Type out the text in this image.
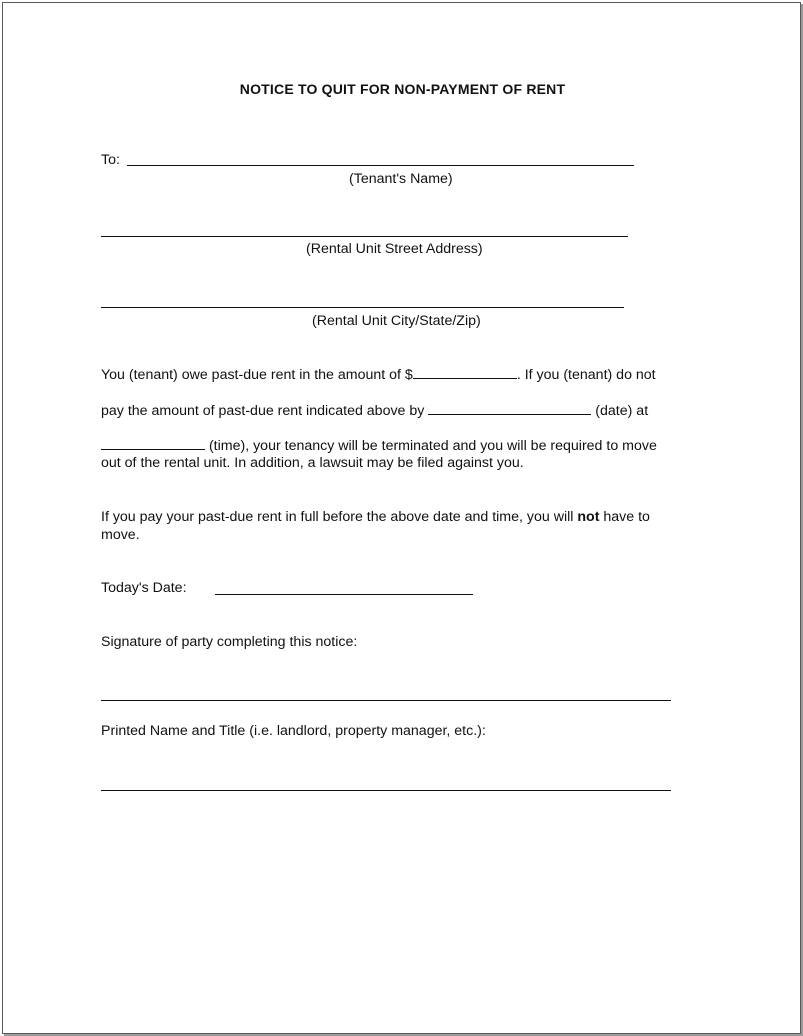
NOTICE TO QUIT FOR NON-PAYMENT OF RENT
To:
(Tenant's Name)
(Rental Unit Street Address)
(Rental Unit City/State/Zip)
You (tenant) owe past-due rent in the amount of $	. If you (tenant) do not
pay the amount of past-due rent indicated above by	(date) at
(time), your tenancy will be terminated and you will be required to move
out of the rental unit. In addition, a lawsuit may be filed against you.
If you pay your past-due rent in full before the above date and time, you will not have to
move.
Today's Date:
Signature of party completing this notice:
Printed Name and Title (i.e. landlord, property manager, etc.):
